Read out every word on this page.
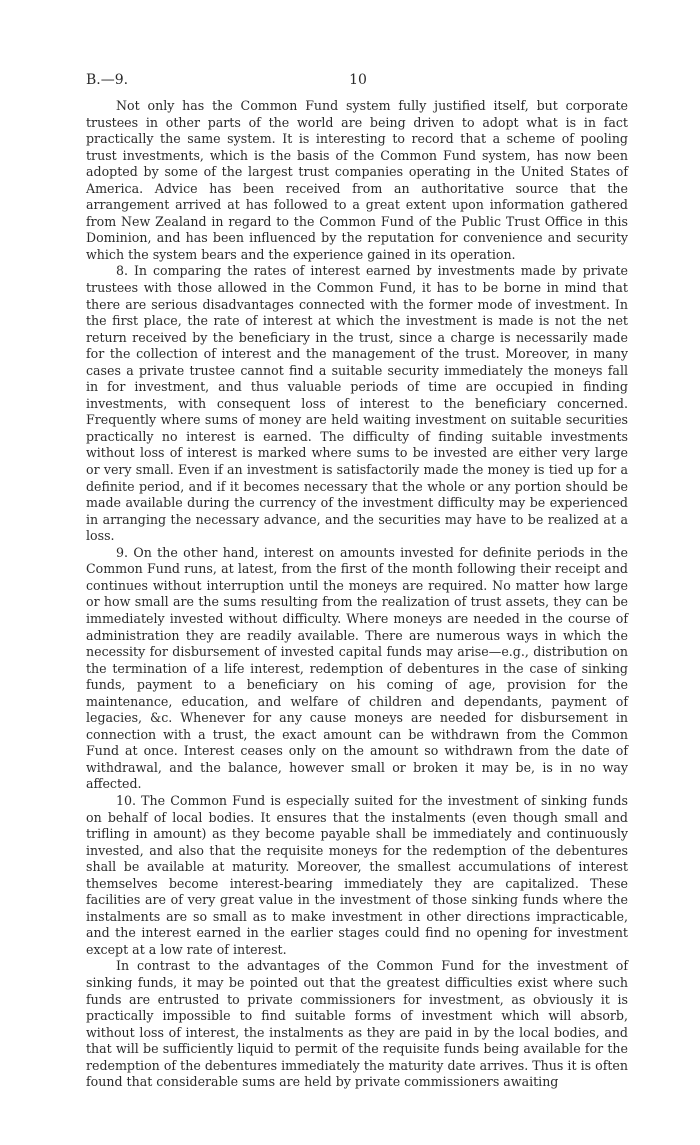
B.—9.	10

Not only has the Common Fund system fully justified itself, but corporate trustees in other parts of the world are being driven to adopt what is in fact practically the same system. It is interesting to record that a scheme of pooling trust investments, which is the basis of the Common Fund system, has now been adopted by some of the largest trust companies operating in the United States of America. Advice has been received from an authoritative source that the arrangement arrived at has followed to a great extent upon information gathered from New Zealand in regard to the Common Fund of the Public Trust Office in this Dominion, and has been influenced by the reputation for convenience and security which the system bears and the experience gained in its operation.

8. In comparing the rates of interest earned by investments made by private trustees with those allowed in the Common Fund, it has to be borne in mind that there are serious disadvantages connected with the former mode of investment. In the first place, the rate of interest at which the investment is made is not the net return received by the beneficiary in the trust, since a charge is necessarily made for the collection of interest and the management of the trust. Moreover, in many cases a private trustee cannot find a suitable security immediately the moneys fall in for investment, and thus valuable periods of time are occupied in finding investments, with consequent loss of interest to the beneficiary concerned. Frequently where sums of money are held waiting investment on suitable securities practically no interest is earned. The difficulty of finding suitable investments without loss of interest is marked where sums to be invested are either very large or very small. Even if an investment is satisfactorily made the money is tied up for a definite period, and if it becomes necessary that the whole or any portion should be made available during the currency of the investment difficulty may be experienced in arranging the necessary advance, and the securities may have to be realized at a loss.

9. On the other hand, interest on amounts invested for definite periods in the Common Fund runs, at latest, from the first of the month following their receipt and continues without interruption until the moneys are required. No matter how large or how small are the sums resulting from the realization of trust assets, they can be immediately invested without difficulty. Where moneys are needed in the course of administration they are readily available. There are numerous ways in which the necessity for disbursement of invested capital funds may arise—e.g., distribution on the termination of a life interest, redemption of debentures in the case of sinking funds, payment to a beneficiary on his coming of age, provision for the maintenance, education, and welfare of children and dependants, payment of legacies, &c. Whenever for any cause moneys are needed for disbursement in connection with a trust, the exact amount can be withdrawn from the Common Fund at once. Interest ceases only on the amount so withdrawn from the date of withdrawal, and the balance, however small or broken it may be, is in no way affected.

10. The Common Fund is especially suited for the investment of sinking funds on behalf of local bodies. It ensures that the instalments (even though small and trifling in amount) as they become payable shall be immediately and continuously invested, and also that the requisite moneys for the redemption of the debentures shall be available at maturity. Moreover, the smallest accumulations of interest themselves become interest-bearing immediately they are capitalized. These facilities are of very great value in the investment of those sinking funds where the instalments are so small as to make investment in other directions impracticable, and the interest earned in the earlier stages could find no opening for investment except at a low rate of interest.

In contrast to the advantages of the Common Fund for the investment of sinking funds, it may be pointed out that the greatest difficulties exist where such funds are entrusted to private commissioners for investment, as obviously it is practically impossible to find suitable forms of investment which will absorb, without loss of interest, the instalments as they are paid in by the local bodies, and that will be sufficiently liquid to permit of the requisite funds being available for the redemption of the debentures immediately the maturity date arrives. Thus it is often found that considerable sums are held by private commissioners awaiting
